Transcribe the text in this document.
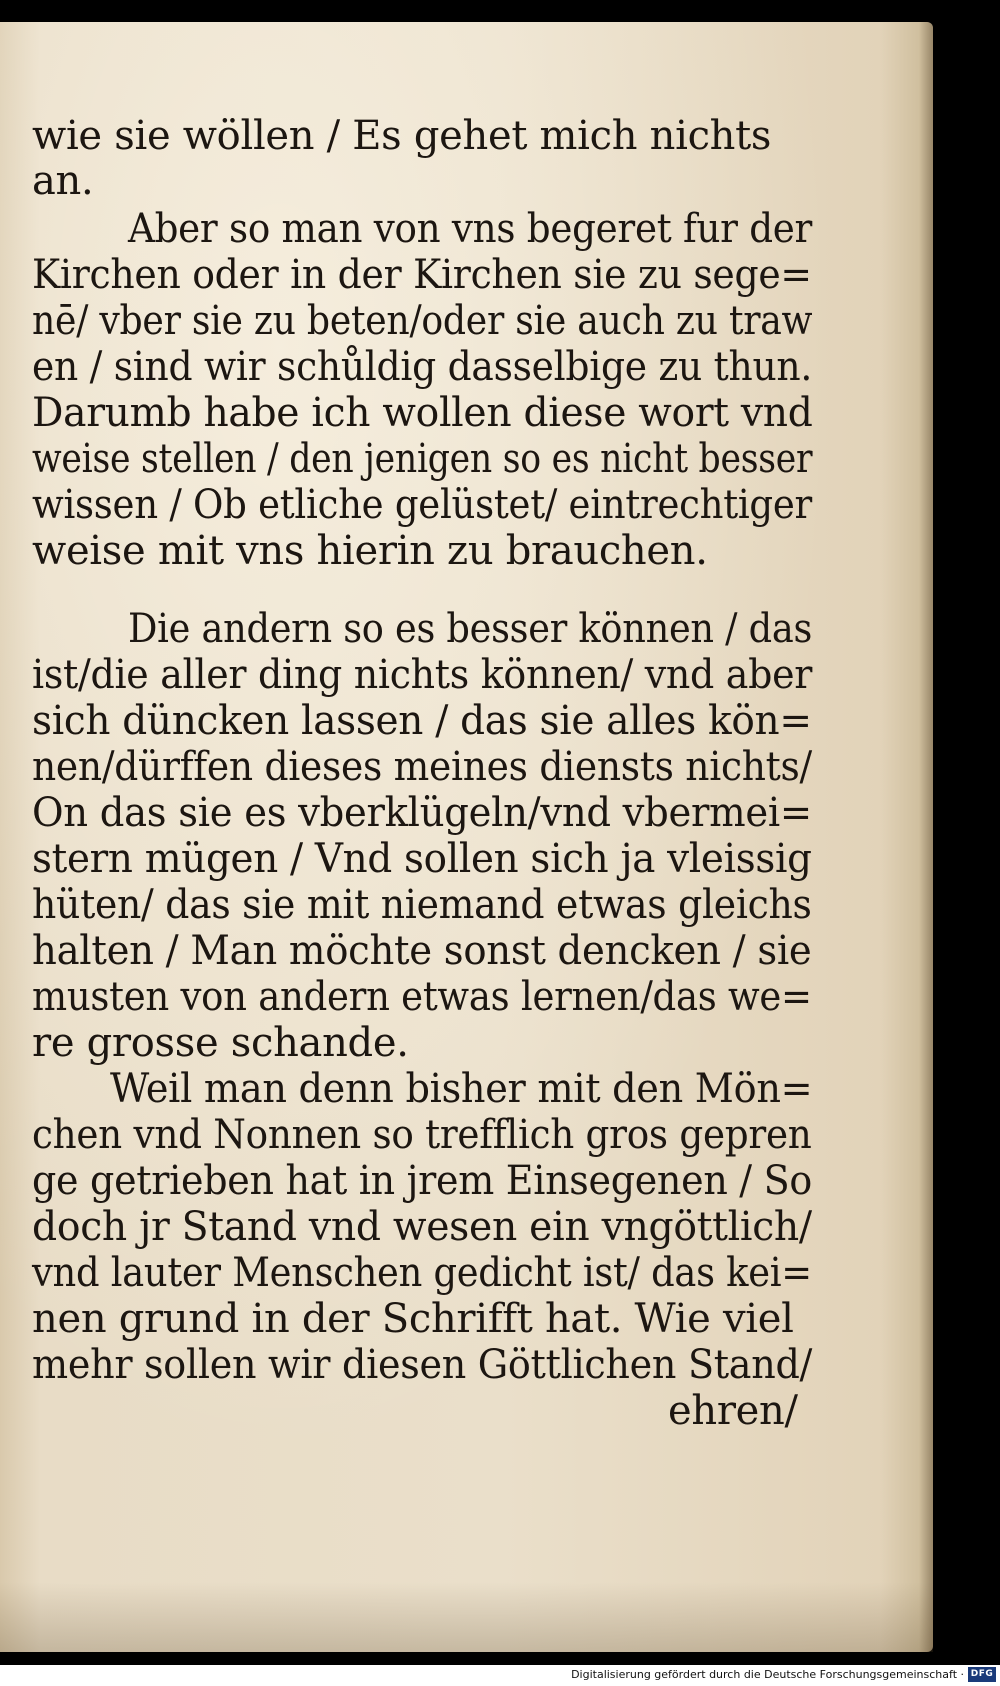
wie sie wöllen / Es gehet mich nichts
an.
Aber so man von vns begeret fur der
Kirchen oder in der Kirchen sie zu sege=
nē/ vber sie zu beten/oder sie auch zu traw
en / sind wir schůldig dasselbige zu thun.
Darumb habe ich wollen diese wort vnd
weise stellen / den jenigen so es nicht besser
wissen / Ob etliche gelüstet/ eintrechtiger
weise mit vns hierin zu brauchen.
Die andern so es besser können / das
ist/die aller ding nichts können/ vnd aber
sich düncken lassen / das sie alles kön=
nen/dürffen dieses meines diensts nichts/
On das sie es vberklügeln/vnd vbermei=
stern mügen / Vnd sollen sich ja vleissig
hüten/ das sie mit niemand etwas gleichs
halten / Man möchte sonst dencken / sie
musten von andern etwas lernen/das we=
re grosse schande.
Weil man denn bisher mit den Mön=
chen vnd Nonnen so trefflich gros gepren
ge getrieben hat in jrem Einsegenen / So
doch jr Stand vnd wesen ein vngöttlich/
vnd lauter Menschen gedicht ist/ das kei=
nen grund in der Schrifft hat. Wie viel
mehr sollen wir diesen Göttlichen Stand/
ehren/
Digitalisierung gefördert durch die Deutsche Forschungsgemeinschaft · DFG
